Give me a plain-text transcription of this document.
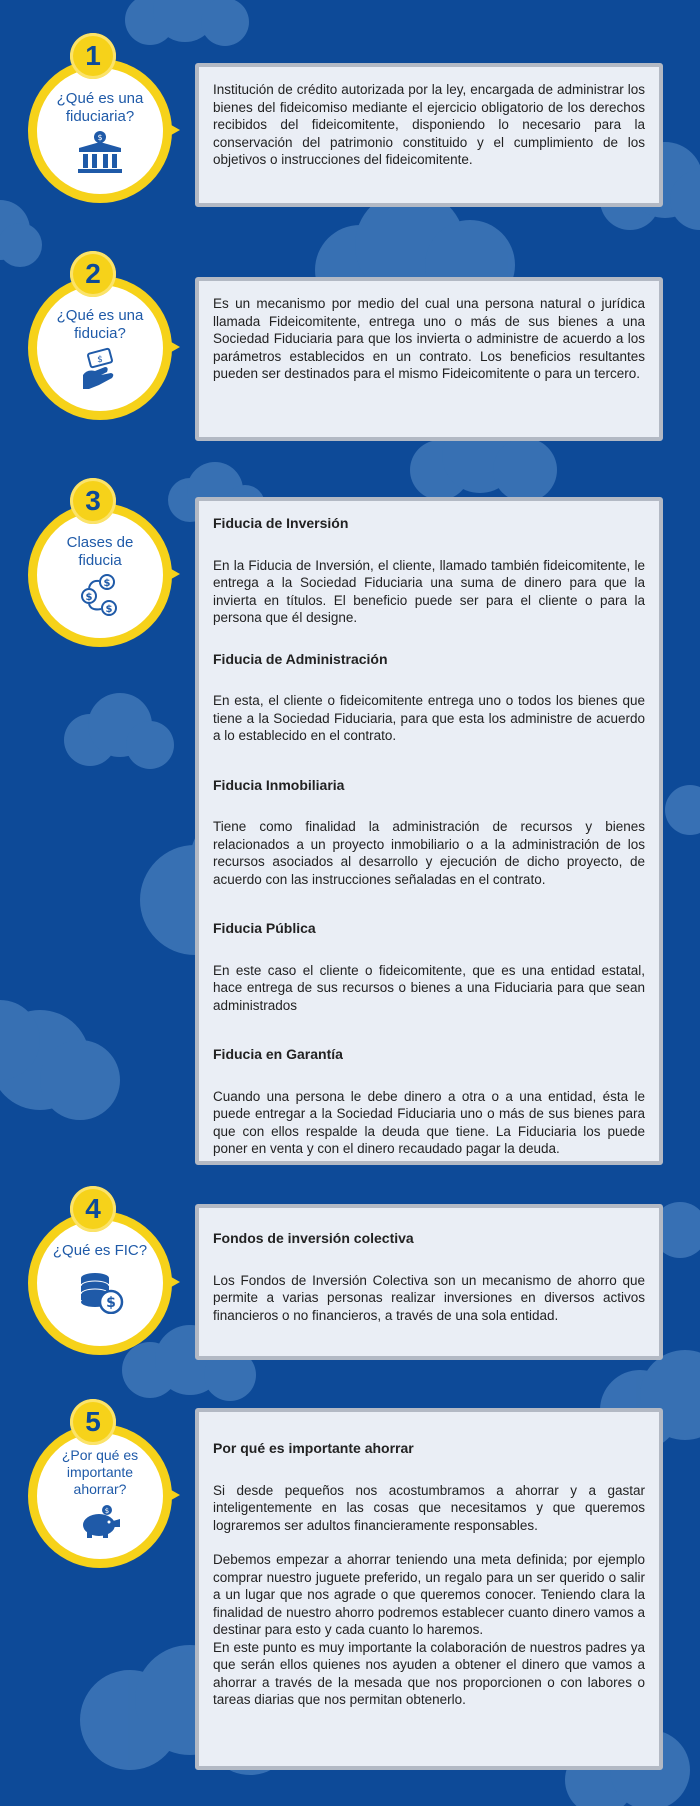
1
¿Qué es una fiduciaria?
$

Institución de crédito autorizada por la ley, encargada de administrar los bienes del fideicomiso mediante el ejercicio obligatorio de los derechos recibidos del fideicomitente, disponiendo lo necesario para la conservación del patrimonio constituido y el cumplimiento de los objetivos o instrucciones del fideicomitente.

2
¿Qué es una fiducia?
$

Es un mecanismo por medio del cual una persona natural o jurídica llamada Fideicomitente, entrega uno o más de sus bienes a una Sociedad Fiduciaria para que los invierta o administre de acuerdo a los parámetros establecidos en un contrato. Los beneficios resultantes pueden ser destinados para el mismo Fideicomitente o para un tercero.

3
Clases de fiducia
$
$
$
Fiducia de Inversión

En la Fiducia de Inversión, el cliente, llamado también fideicomitente, le entrega a la Sociedad Fiduciaria una suma de dinero para que la invierta en títulos. El beneficio puede ser para el cliente o para la persona que él designe.

Fiducia de Administración

En esta, el cliente o fideicomitente entrega uno o todos los bienes que tiene a la Sociedad Fiduciaria, para que esta los administre de acuerdo a lo establecido en el contrato.

Fiducia Inmobiliaria

Tiene como finalidad la administración de recursos y bienes relacionados a un proyecto inmobiliario o a la administración de los recursos asociados al desarrollo y ejecución de dicho proyecto, de acuerdo con las instrucciones señaladas en el contrato.

Fiducia Pública

En este caso el cliente o fideicomitente, que es una entidad estatal, hace entrega de sus recursos o bienes a una Fiduciaria para que sean administrados

Fiducia en Garantía

Cuando una persona le debe dinero a otra o a una entidad, ésta le puede entregar a la Sociedad Fiduciaria uno o más de sus bienes para que con ellos respalde la deuda que tiene. La Fiduciaria los puede poner en venta y con el dinero recaudado pagar la deuda.

4
¿Qué es FIC?
$
Fondos de inversión colectiva

Los Fondos de Inversión Colectiva son un mecanismo de ahorro que permite a varias personas realizar inversiones en diversos activos financieros o no financieros, a través de una sola entidad.

5
¿Por qué es importante ahorrar?
$
Por qué es importante ahorrar

Si desde pequeños nos acostumbramos a ahorrar y a gastar inteligentemente en las cosas que necesitamos y que queremos lograremos ser adultos financieramente responsables.

Debemos empezar a ahorrar teniendo una meta definida; por ejemplo comprar nuestro juguete preferido, un regalo para un ser querido o salir a un lugar que nos agrade o que queremos conocer. Teniendo clara la finalidad de nuestro ahorro podremos establecer cuanto dinero vamos a destinar para esto y cada cuanto lo haremos.

En este punto es muy importante la colaboración de nuestros padres ya que serán ellos quienes nos ayuden a obtener el dinero que vamos a ahorrar a través de la mesada que nos proporcionen o con labores o tareas diarias que nos permitan obtenerlo.
